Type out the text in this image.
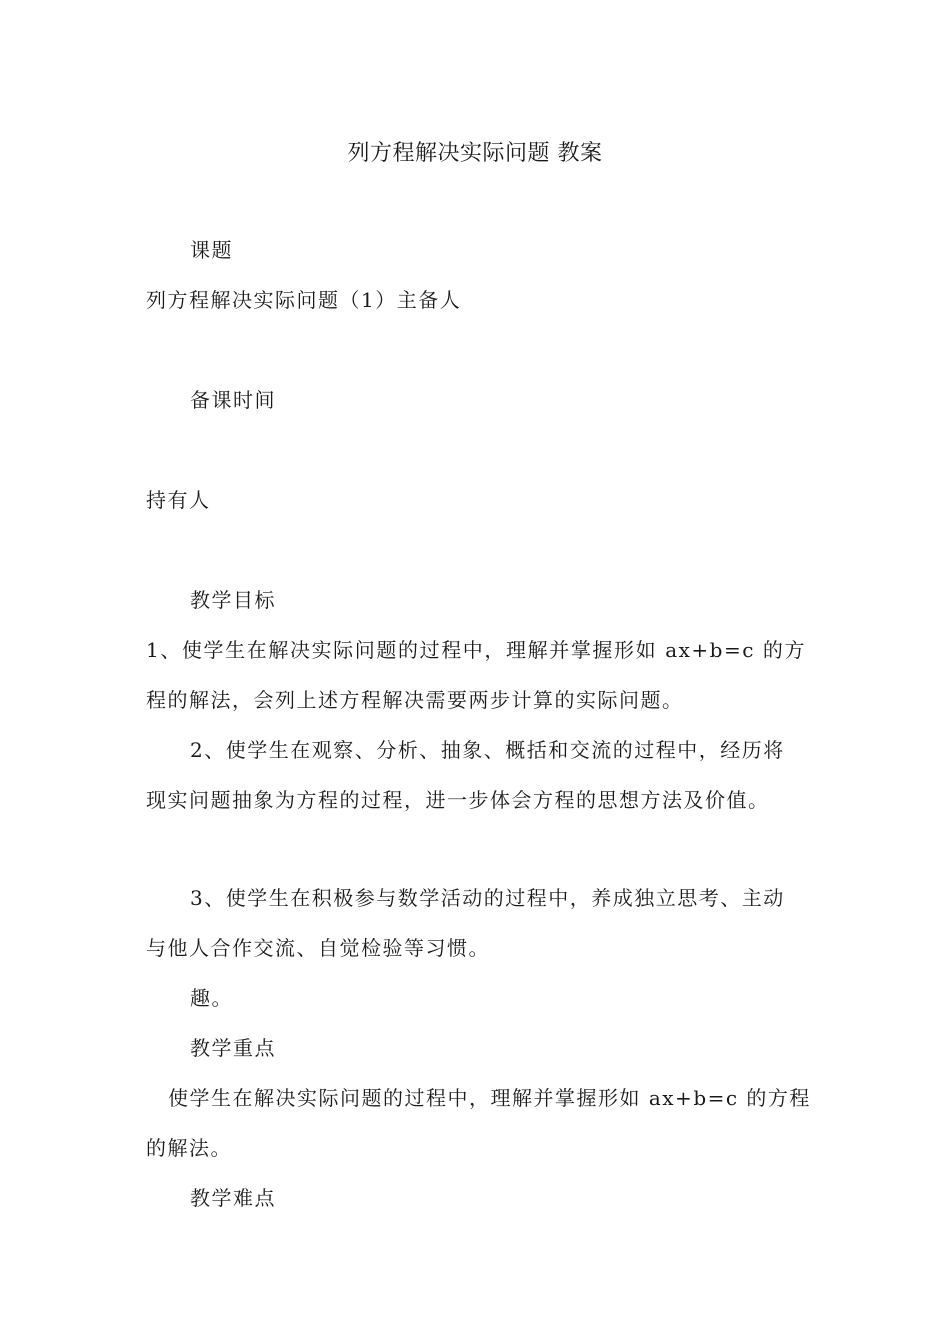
列方程解决实际问题 教案
课题
列方程解决实际问题（1）主备人
备课时间
持有人
教学目标
1、使学生在解决实际问题的过程中，理解并掌握形如 ax+b=c 的方
程的解法，会列上述方程解决需要两步计算的实际问题。
2、使学生在观察、分析、抽象、概括和交流的过程中，经历将
现实问题抽象为方程的过程，进一步体会方程的思想方法及价值。
3、使学生在积极参与数学活动的过程中，养成独立思考、主动
与他人合作交流、自觉检验等习惯。
趣。
教学重点
使学生在解决实际问题的过程中，理解并掌握形如 ax+b=c 的方程
的解法。
教学难点
